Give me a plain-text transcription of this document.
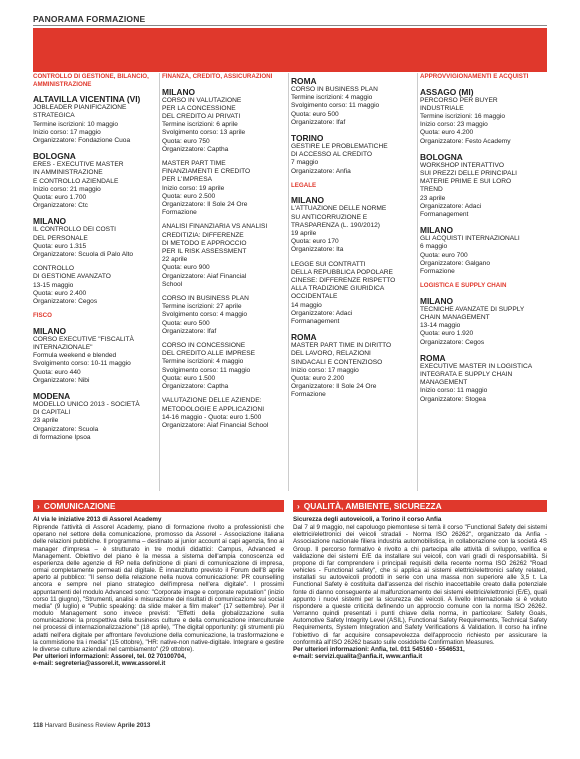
PANORAMA FORMAZIONE
CONTROLLO DI GESTIONE, BILANCIO, AMMINISTRAZIONE
ALTAVILLA VICENTINA (VI)
JOBLEADER PIANIFICAZIONE
STRATEGICA
Termine iscrizioni: 10 maggio
Inizio corso: 17 maggio
Organizzatore: Fondazione Cuoa
BOLOGNA
ERES - EXECUTIVE MASTER
IN AMMINISTRAZIONE
E CONTROLLO AZIENDALE
Inizio corso: 21 maggio
Quota: euro 1.700
Organizzatore: Ctc
MILANO
IL CONTROLLO DEI COSTI
DEL PERSONALE
Quota: euro 1.315
Organizzatore: Scuola di Palo Alto
CONTROLLO
DI GESTIONE AVANZATO
13-15 maggio
Quota: euro 2.400
Organizzatore: Cegos
FISCO
MILANO
CORSO EXECUTIVE "FISCALITÀ
INTERNAZIONALE"
Formula weekend e blended
Svolgimento corso: 10-11 maggio
Quota: euro 440
Organizzatore: Nibi
MODENA
MODELLO UNICO 2013 - SOCIETÀ
DI CAPITALI
23 aprile
Organizzatore: Scuola
di formazione Ipsoa
FINANZA, CREDITO, ASSICURAZIONI
MILANO
CORSO IN VALUTAZIONE
PER LA CONCESSIONE
DEL CREDITO AI PRIVATI
Termine iscrizioni: 6 aprile
Svolgimento corso: 13 aprile
Quota: euro 750
Organizzatore: Captha
MASTER PART TIME
FINANZIAMENTI E CREDITO
PER L'IMPRESA
Inizio corso: 19 aprile
Quota: euro 2.500
Organizzatore: Il Sole 24 Ore
Formazione
ANALISI FINANZIARIA VS ANALISI
CREDITIZIA: DIFFERENZE
DI METODO E APPROCCIO
PER IL RISK ASSESSMENT
22 aprile
Quota: euro 900
Organizzatore: Aiaf Financial
School
CORSO IN BUSINESS PLAN
Termine iscrizioni: 27 aprile
Svolgimento corso: 4 maggio
Quota: euro 500
Organizzatore: Ifaf
CORSO IN CONCESSIONE
DEL CREDITO ALLE IMPRESE
Termine iscrizioni: 4 maggio
Svolgimento corso: 11 maggio
Quota: euro 1.500
Organizzatore: Captha
VALUTAZIONE DELLE AZIENDE:
METODOLOGIE E APPLICAZIONI
14-16 maggio - Quota: euro 1.500
Organizzatore: Aiaf Financial School
ROMA
CORSO IN BUSINESS PLAN
Termine iscrizioni: 4 maggio
Svolgimento corso: 11 maggio
Quota: euro 500
Organizzatore: Ifaf
TORINO
GESTIRE LE PROBLEMATICHE
DI ACCESSO AL CREDITO
7 maggio
Organizzatore: Anfia
LEGALE
MILANO
L'ATTUAZIONE DELLE NORME
SU ANTICORRUZIONE E
TRASPARENZA (L. 190/2012)
19 aprile
Quota: euro 170
Organizzatore: Ita
LEGGE SUI CONTRATTI
DELLA REPUBBLICA POPOLARE
CINESE: DIFFERENZE RISPETTO
ALLA TRADIZIONE GIURIDICA
OCCIDENTALE
14 maggio
Organizzatore: Adaci
Formanagement
ROMA
MASTER PART TIME IN DIRITTO
DEL LAVORO, RELAZIONI
SINDACALI E CONTENZIOSO
Inizio corso: 17 maggio
Quota: euro 2.200
Organizzatore: Il Sole 24 Ore
Formazione
APPROVVIGIONAMENTI E ACQUISTI
ASSAGO (MI)
PERCORSO PER BUYER
INDUSTRIALE
Termine iscrizioni: 16 maggio
Inizio corso: 23 maggio
Quota: euro 4.200
Organizzatore: Festo Academy
BOLOGNA
WORKSHOP INTERATTIVO
SUI PREZZI DELLE PRINCIPALI
MATERIE PRIME E SUI LORO
TREND
23 aprile
Organizzatore: Adaci
Formanagement
MILANO
GLI ACQUISTI INTERNAZIONALI
6 maggio
Quota: euro 700
Organizzatore: Galgano
Formazione
LOGISTICA E SUPPLY CHAIN
MILANO
TECNICHE AVANZATE DI SUPPLY
CHAIN MANAGEMENT
13-14 maggio
Quota: euro 1.920
Organizzatore: Cegos
ROMA
EXECUTIVE MASTER IN LOGISTICA
INTEGRATA E SUPPLY CHAIN
MANAGEMENT
Inizio corso: 11 maggio
Organizzatore: Stogea
› COMUNICAZIONE	› QUALITÀ, AMBIENTE, SICUREZZA
Al via le iniziative 2013 di Assorel Academy
Riprende l'attività di Assorel Academy, piano di formazione rivolto a professionisti che operano nel settore della comunicazione, promosso da Assorel - Associazione italiana delle relazioni pubbliche. Il programma – destinato ai junior account ai capi agenzia, fino ai manager d'impresa – è strutturato in tre moduli didattici: Campus, Advanced e Management. Obiettivo del piano è la messa a sistema dell'ampia conoscenza ed esperienza delle agenzie di RP nella definizione di piani di comunicazione di impresa, ormai completamente permeati dal digitale. È innanzitutto previsto il Forum dell'8 aprile aperto al pubblico: "Il senso della relazione nella nuova comunicazione: PR counselling ancora e sempre nel piano strategico dell'impresa nell'era digitale". I prossimi appuntamenti del modulo Advanced sono: "Corporate image e corporate reputation" (inizio corso 11 giugno), "Strumenti, analisi e misurazione dei risultati di comunicazione sui social media" (9 luglio) e "Public speaking: da slide maker a film maker" (17 settembre). Per il modulo Management sono invece previsti: "Effetti della globalizzazione sulla comunicazione: la prospettiva della business culture e della comunicazione interculturale nei processi di internazionalizzazione" (18 aprile), "The digital opportunity: gli strumenti più adatti nell'era digitale per affrontare l'evoluzione della comunicazione, la trasformazione e la commistione tra i media" (15 ottobre), "HR: native-non native-digitale. Integrare e gestire le diverse culture aziendali nel cambiamento" (29 ottobre).
Per ulteriori informazioni: Assorel, tel. 02 70100704,
e-mail: segreteria@assorel.it, www.assorel.it
Sicurezza degli autoveicoli, a Torino il corso Anfia
Dal 7 al 9 maggio, nel capoluogo piemontese si terrà il corso "Functional Safety dei sistemi elettrici/elettronici dei veicoli stradali - Norma ISO 26262", organizzato da Anfia - Associazione nazionale filiera industria automobilistica, in collaborazione con la società 4S Group. Il percorso formativo è rivolto a chi partecipa alle attività di sviluppo, verifica e validazione dei sistemi E/E da installare sui veicoli, con vari gradi di responsabilità. Si propone di far comprendere i principali requisiti della recente norma ISO 26262 "Road vehicles - Functional safety", che si applica ai sistemi elettrici/elettronici safety related, installati su autoveicoli prodotti in serie con una massa non superiore alle 3,5 t. La Functional Safety è costituita dall'assenza del rischio inaccettabile creato dalla potenziale fonte di danno conseguente al malfunzionamento dei sistemi elettrici/elettronici (E/E), quali appunto i nuovi sistemi per la sicurezza dei veicoli. A livello internazionale si è voluto rispondere a queste criticità definendo un approccio comune con la norma ISO 26262. Verranno quindi presentati i punti chiave della norma, in particolare: Safety Goals, Automotive Safety Integrity Level (ASIL), Functional Safety Requirements, Technical Safety Requirements, System Integration and Safety Verifications & Validation. Il corso ha infine l'obiettivo di far acquisire consapevolezza dell'approccio richiesto per assicurare la conformità all'ISO 26262 basato sulle cosiddette Confirmation Measures.
Per ulteriori informazioni: Anfia, tel. 011 545160 - 5546531,
e-mail: servizi.qualita@anfia.it, www.anfia.it
118 Harvard Business Review Aprile 2013
